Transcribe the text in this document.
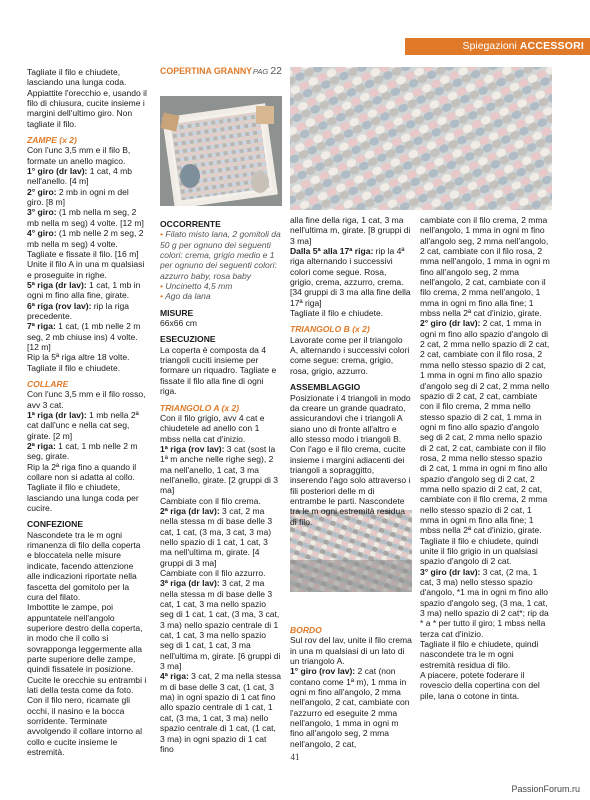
Spiegazioni ACCESSORI

Tagliate il filo e chiudete, lasciando una lunga coda.

Appiattite l'orecchio e, usando il filo di chiusura, cucite insieme i margini dell'ultimo giro. Non tagliate il filo.

ZAMPE (x 2)

Con l'unc 3,5 mm e il filo B, formate un anello magico.

1° giro (dr lav): 1 cat, 4 mb nell'anello. [4 m]

2° giro: 2 mb in ogni m del giro. [8 m]

3° giro: (1 mb nella m seg, 2 mb nella m seg) 4 volte. [12 m]

4° giro: (1 mb nelle 2 m seg, 2 mb nella m seg) 4 volte. Tagliate e fissate il filo. [16 m]

Unite il filo A in una m qualsiasi e proseguite in righe.

5ª riga (dr lav): 1 cat, 1 mb in ogni m fino alla fine, girate.

6ª riga (rov lav): rip la riga precedente.

7ª riga: 1 cat, (1 mb nelle 2 m seg, 2 mb chiuse ins) 4 volte. [12 m]

Rip la 5ª riga altre 18 volte.

Tagliate il filo e chiudete.

COLLARE

Con l'unc 3,5 mm e il filo rosso, avv 3 cat.

1ª riga (dr lav): 1 mb nella 2ª cat dall'unc e nella cat seg, girate. [2 m]

2ª riga: 1 cat, 1 mb nelle 2 m seg, girate.

Rip la 2ª riga fino a quando il collare non si adatta al collo.

Tagliate il filo e chiudete, lasciando una lunga coda per cucire.

CONFEZIONE

Nascondete tra le m ogni rimanenza di filo della coperta e bloccatela nelle misure indicate, facendo attenzione alle indicazioni riportate nella fascetta del gomitolo per la cura del filato.

Imbottite le zampe, poi appuntatele nell'angolo superiore destro della coperta, in modo che il collo si sovrapponga leggermente alla parte superiore delle zampe, quindi fissatele in posizione. Cucite le orecchie su entrambi i lati della testa come da foto.

Con il filo nero, ricamate gli occhi, il nasino e la bocca sorridente. Terminate avvolgendo il collare intorno al collo e cucite insieme le estremità.

COPERTINA GRANNY PAG 22

OCCORRENTE

• Filato misto lana, 2 gomitoli da 50 g per ognuno dei seguenti colori: crema, grigio medio e 1 per ognuno dei seguenti colori: azzurro baby, rosa baby

• Uncinetto 4,5 mm

• Ago da lana

MISURE

66x66 cm

ESECUZIONE

La coperta è composta da 4 triangoli cuciti insieme per formare un riquadro. Tagliate e fissate il filo alla fine di ogni riga.

TRIANGOLO A (x 2)

Con il filo grigio, avv 4 cat e chiudetele ad anello con 1 mbss nella cat d'inizio.

1ª riga (rov lav): 3 cat (sost la 1ª m anche nelle righe seg), 2 ma nell'anello, 1 cat, 3 ma nell'anello, girate. [2 gruppi di 3 ma]

Cambiate con il filo crema.

2ª riga (dr lav): 3 cat, 2 ma nella stessa m di base delle 3 cat, 1 cat, (3 ma, 3 cat, 3 ma) nello spazio di 1 cat, 1 cat, 3 ma nell'ultima m, girate. [4 gruppi di 3 ma]

Cambiate con il filo azzurro.

3ª riga (dr lav): 3 cat, 2 ma nella stessa m di base delle 3 cat, 1 cat, 3 ma nello spazio seg di 1 cat, 1 cat, (3 ma, 3 cat, 3 ma) nello spazio centrale di 1 cat, 1 cat, 3 ma nello spazio seg di 1 cat, 1 cat, 3 ma nell'ultima m, girate. [6 gruppi di 3 ma]

4ª riga: 3 cat, 2 ma nella stessa m di base delle 3 cat, (1 cat, 3 ma) in ogni spazio di 1 cat fino allo spazio centrale di 1 cat, 1 cat, (3 ma, 1 cat, 3 ma) nello spazio centrale di 1 cat, (1 cat, 3 ma) in ogni spazio di 1 cat fino

alla fine della riga, 1 cat, 3 ma nell'ultima m, girate. [8 gruppi di 3 ma]

Dalla 5ª alla 17ª riga: rip la 4ª riga alternando i successivi colori come segue. Rosa, grigio, crema, azzurro, crema. [34 gruppi di 3 ma alla fine della 17ª riga]

Tagliate il filo e chiudete.

TRIANGOLO B (x 2)

Lavorate come per il triangolo A, alternando i successivi colori come segue: crema, grigio, rosa, grigio, azzurro.

ASSEMBLAGGIO

Posizionate i 4 triangoli in modo da creare un grande quadrato, assicurandovi che i triangoli A siano uno di fronte all'altro e allo stesso modo i triangoli B. Con l'ago e il filo crema, cucite insieme i margini adiacenti dei triangoli a sopraggitto, inserendo l'ago solo attraverso i fili posteriori delle m di entrambe le parti. Nascondete tra le m ogni estremità residua di filo.

BORDO

Sul rov del lav, unite il filo crema in una m qualsiasi di un lato di un triangolo A.

1° giro (rov lav): 2 cat (non contano come 1ª m), 1 mma in ogni m fino all'angolo, 2 mma nell'angolo, 2 cat, cambiate con l'azzurro ed eseguite 2 mma nell'angolo, 1 mma in ogni m fino all'angolo seg, 2 mma nell'angolo, 2 cat,

cambiate con il filo crema, 2 mma nell'angolo, 1 mma in ogni m fino all'angolo seg, 2 mma nell'angolo, 2 cat, cambiate con il filo rosa, 2 mma nell'angolo, 1 mma in ogni m fino all'angolo seg, 2 mma nell'angolo, 2 cat, cambiate con il filo crema, 2 mma nell'angolo, 1 mma in ogni m fino alla fine; 1 mbss nella 2ª cat d'inizio, girate.

2° giro (dr lav): 2 cat, 1 mma in ogni m fino allo spazio d'angolo di 2 cat, 2 mma nello spazio di 2 cat, 2 cat, cambiate con il filo rosa, 2 mma nello stesso spazio di 2 cat, 1 mma in ogni m fino allo spazio d'angolo seg di 2 cat, 2 mma nello spazio di 2 cat, 2 cat, cambiate con il filo crema, 2 mma nello stesso spazio di 2 cat, 1 mma in ogni m fino allo spazio d'angolo seg di 2 cat, 2 mma nello spazio di 2 cat, 2 cat, cambiate con il filo rosa, 2 mma nello stesso spazio di 2 cat, 1 mma in ogni m fino allo spazio d'angolo seg di 2 cat, 2 mma nello spazio di 2 cat, 2 cat, cambiate con il filo crema, 2 mma nello stesso spazio di 2 cat, 1 mma in ogni m fino alla fine; 1 mbss nella 2ª cat d'inizio, girate.

Tagliate il filo e chiudete, quindi unite il filo grigio in un qualsiasi spazio d'angolo di 2 cat.

3° giro (dr lav): 3 cat, (2 ma, 1 cat, 3 ma) nello stesso spazio d'angolo, *1 ma in ogni m fino allo spazio d'angolo seg, (3 ma, 1 cat, 3 ma) nello spazio di 2 cat*; rip da * a * per tutto il giro; 1 mbss nella terza cat d'inizio.

Tagliate il filo e chiudete, quindi nascondete tra le m ogni estremità residua di filo.

A piacere, potete foderare il rovescio della copertina con del pile, lana o cotone in tinta.

41
PassionForum.ru
